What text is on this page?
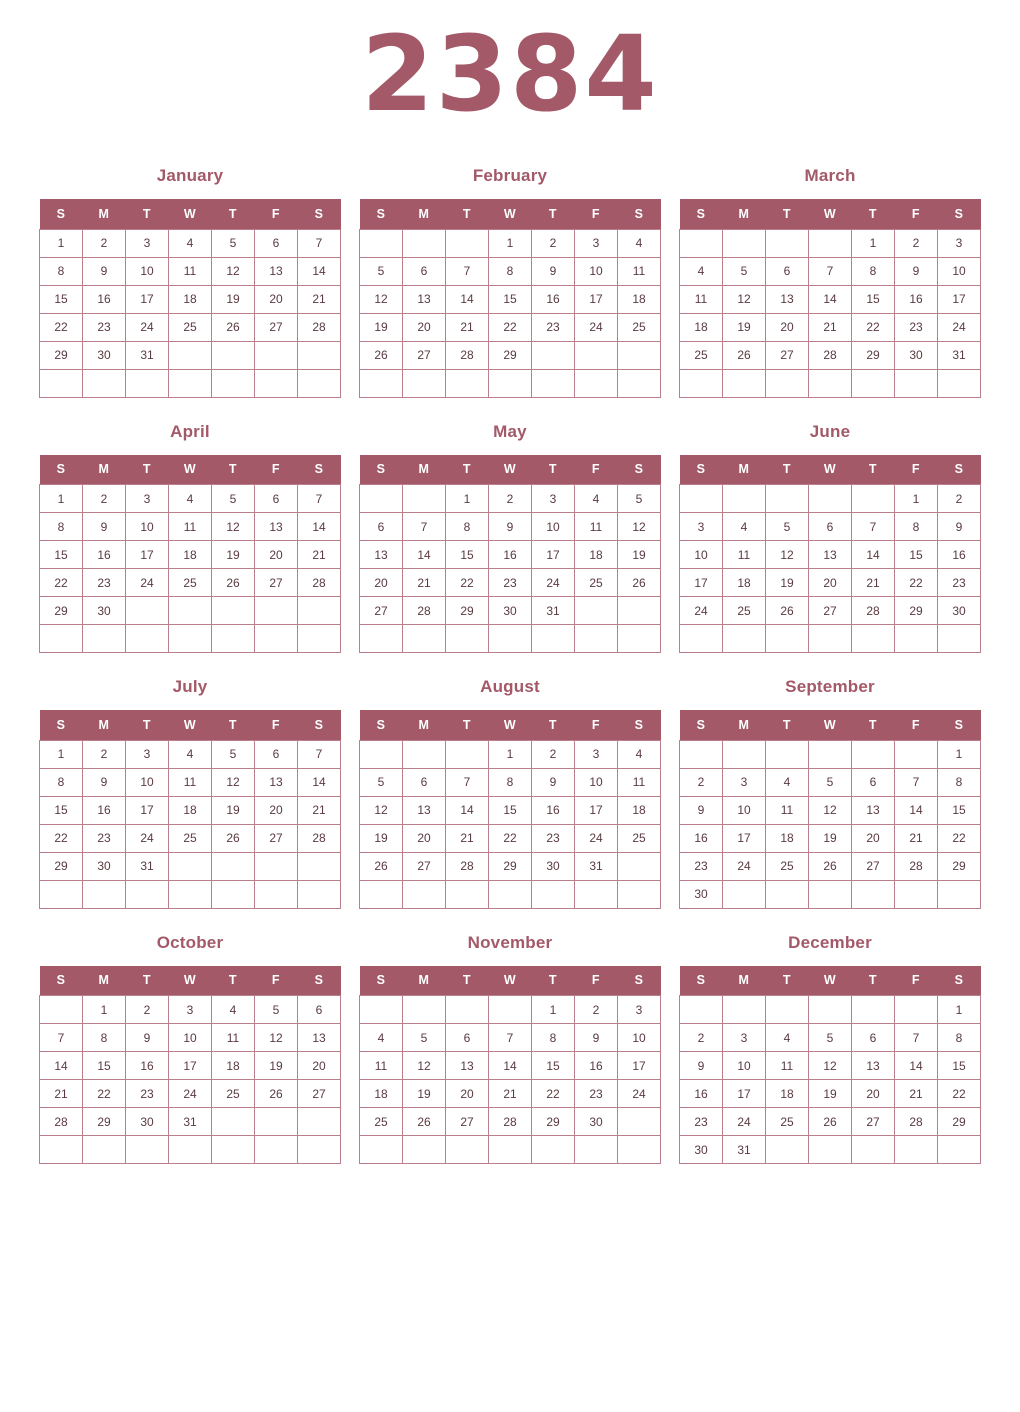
2384
January
S	M	T	W	T	F	S
1	2	3	4	5	6	7
8	9	10	11	12	13	14
15	16	17	18	19	20	21
22	23	24	25	26	27	28
29	30	31				

February
S	M	T	W	T	F	S
			1	2	3	4
5	6	7	8	9	10	11
12	13	14	15	16	17	18
19	20	21	22	23	24	25
26	27	28	29			

March
S	M	T	W	T	F	S
				1	2	3
4	5	6	7	8	9	10
11	12	13	14	15	16	17
18	19	20	21	22	23	24
25	26	27	28	29	30	31

April
S	M	T	W	T	F	S
1	2	3	4	5	6	7
8	9	10	11	12	13	14
15	16	17	18	19	20	21
22	23	24	25	26	27	28
29	30					

May
S	M	T	W	T	F	S
		1	2	3	4	5
6	7	8	9	10	11	12
13	14	15	16	17	18	19
20	21	22	23	24	25	26
27	28	29	30	31		

June
S	M	T	W	T	F	S
					1	2
3	4	5	6	7	8	9
10	11	12	13	14	15	16
17	18	19	20	21	22	23
24	25	26	27	28	29	30

July
S	M	T	W	T	F	S
1	2	3	4	5	6	7
8	9	10	11	12	13	14
15	16	17	18	19	20	21
22	23	24	25	26	27	28
29	30	31				

August
S	M	T	W	T	F	S
			1	2	3	4
5	6	7	8	9	10	11
12	13	14	15	16	17	18
19	20	21	22	23	24	25
26	27	28	29	30	31	

September
S	M	T	W	T	F	S
						1
2	3	4	5	6	7	8
9	10	11	12	13	14	15
16	17	18	19	20	21	22
23	24	25	26	27	28	29
30						
October
S	M	T	W	T	F	S
	1	2	3	4	5	6
7	8	9	10	11	12	13
14	15	16	17	18	19	20
21	22	23	24	25	26	27
28	29	30	31			

November
S	M	T	W	T	F	S
				1	2	3
4	5	6	7	8	9	10
11	12	13	14	15	16	17
18	19	20	21	22	23	24
25	26	27	28	29	30	

December
S	M	T	W	T	F	S
						1
2	3	4	5	6	7	8
9	10	11	12	13	14	15
16	17	18	19	20	21	22
23	24	25	26	27	28	29
30	31					
